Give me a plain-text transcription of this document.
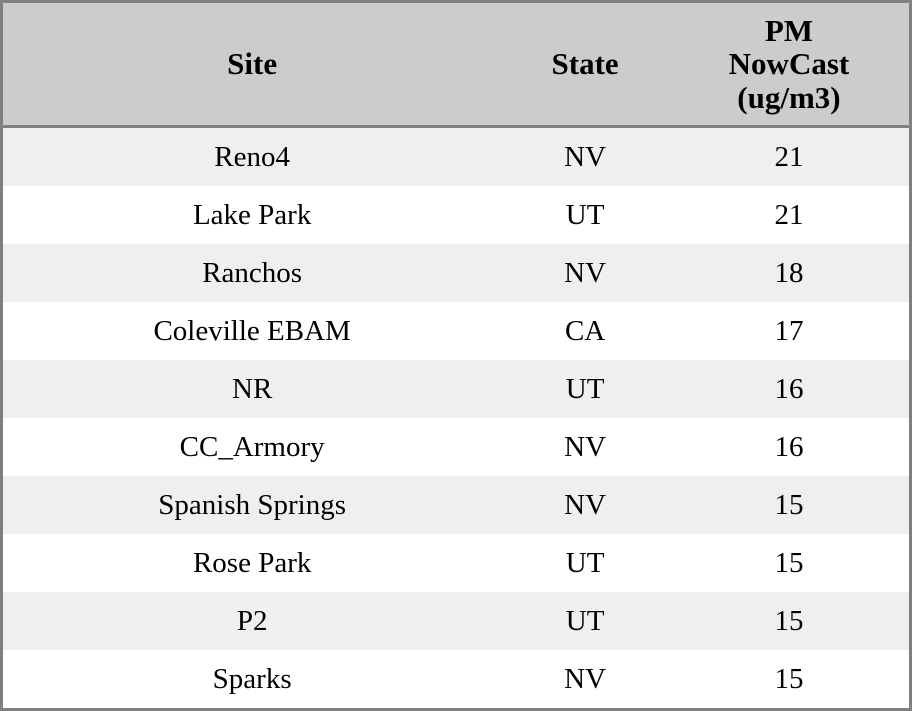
Site	State	PM
NowCast
(ug/m3)

Reno4	NV	21
Lake Park	UT	21
Ranchos	NV	18
Coleville EBAM	CA	17
NR	UT	16
CC_Armory	NV	16
Spanish Springs	NV	15
Rose Park	UT	15
P2	UT	15
Sparks	NV	15
